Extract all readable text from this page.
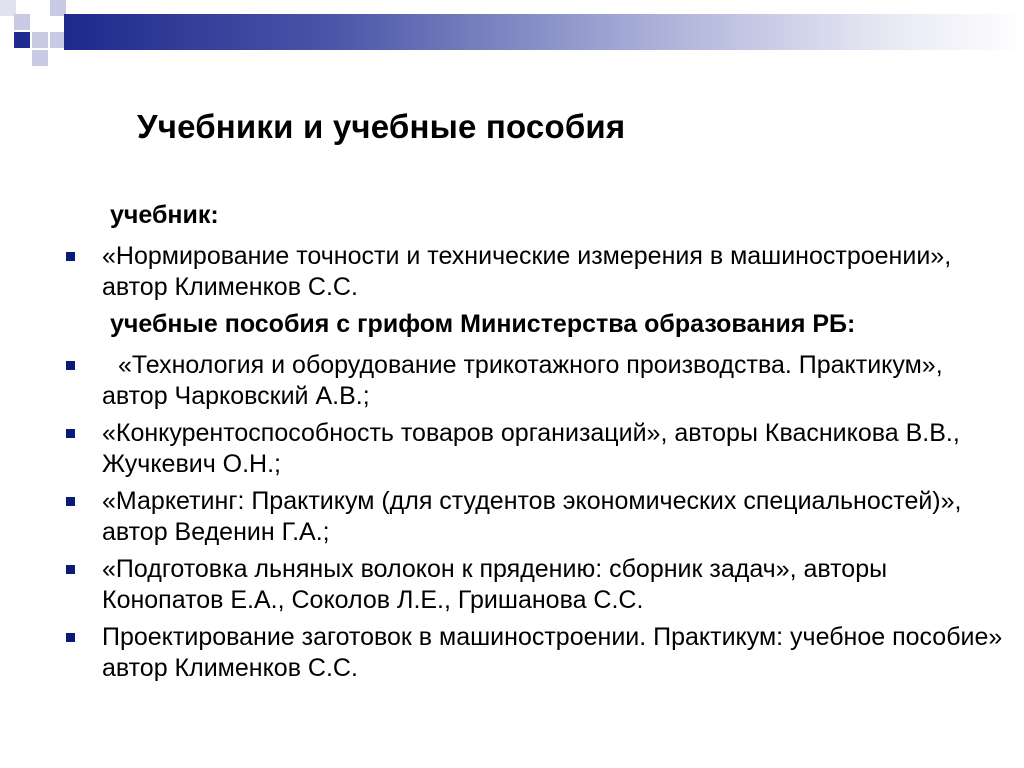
Учебники и учебные пособия
учебник:
«Нормирование точности и технические измерения в машиностроении», автор Клименков С.С.
учебные пособия с грифом Министерства образования РБ:
«Технология и оборудование трикотажного производства. Практикум», автор Чарковский А.В.;
«Конкурентоспособность товаров организаций», авторы Квасникова В.В., Жучкевич О.Н.;
«Маркетинг: Практикум (для студентов экономических специальностей)», автор Веденин Г.А.;
«Подготовка льняных волокон к прядению: сборник задач», авторы Конопатов Е.А., Соколов Л.Е., Гришанова С.С.
Проектирование заготовок в машиностроении. Практикум: учебное пособие» автор Клименков С.С.
